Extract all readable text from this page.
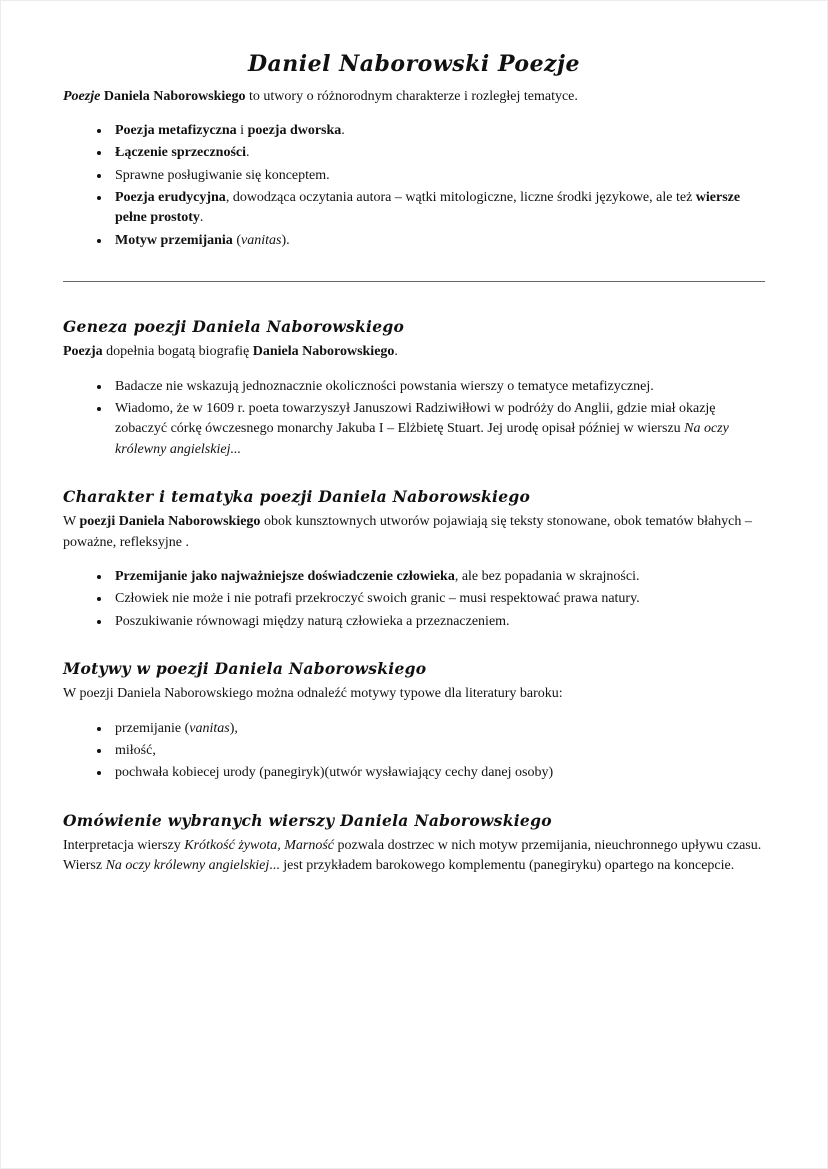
Daniel Naborowski Poezje

Poezje Daniela Naborowskiego to utwory o różnorodnym charakterze i rozległej tematyce.

• Poezja metafizyczna i poezja dworska.
• Łączenie sprzeczności.
• Sprawne posługiwanie się konceptem.
• Poezja erudycyjna, dowodząca oczytania autora – wątki mitologiczne, liczne środki językowe, ale też wiersze pełne prostoty.
• Motyw przemijania (vanitas).
Geneza poezji Daniela Naborowskiego

Poezja dopełnia bogatą biografię Daniela Naborowskiego.

• Badacze nie wskazują jednoznacznie okoliczności powstania wierszy o tematyce metafizycznej.
• Wiadomo, że w 1609 r. poeta towarzyszył Januszowi Radziwiłłowi w podróży do Anglii, gdzie miał okazję zobaczyć córkę ówczesnego monarchy Jakuba I – Elżbietę Stuart. Jej urodę opisał później w wierszu Na oczy królewny angielskiej...
Charakter i tematyka poezji Daniela Naborowskiego

W poezji Daniela Naborowskiego obok kunsztownych utworów pojawiają się teksty stonowane, obok tematów błahych – poważne, refleksyjne .

• Przemijanie jako najważniejsze doświadczenie człowieka, ale bez popadania w skrajności.
• Człowiek nie może i nie potrafi przekroczyć swoich granic – musi respektować prawa natury.
• Poszukiwanie równowagi między naturą człowieka a przeznaczeniem.
Motywy w poezji Daniela Naborowskiego

W poezji Daniela Naborowskiego można odnaleźć motywy typowe dla literatury baroku:

• przemijanie (vanitas),
• miłość,
• pochwała kobiecej urody (panegiryk)(utwór wysławiający cechy danej osoby)
Omówienie wybranych wierszy Daniela Naborowskiego

Interpretacja wierszy Krótkość żywota, Marność pozwala dostrzec w nich motyw przemijania, nieuchronnego upływu czasu. Wiersz Na oczy królewny angielskiej... jest przykładem barokowego komplementu (panegiryku) opartego na koncepcie.
